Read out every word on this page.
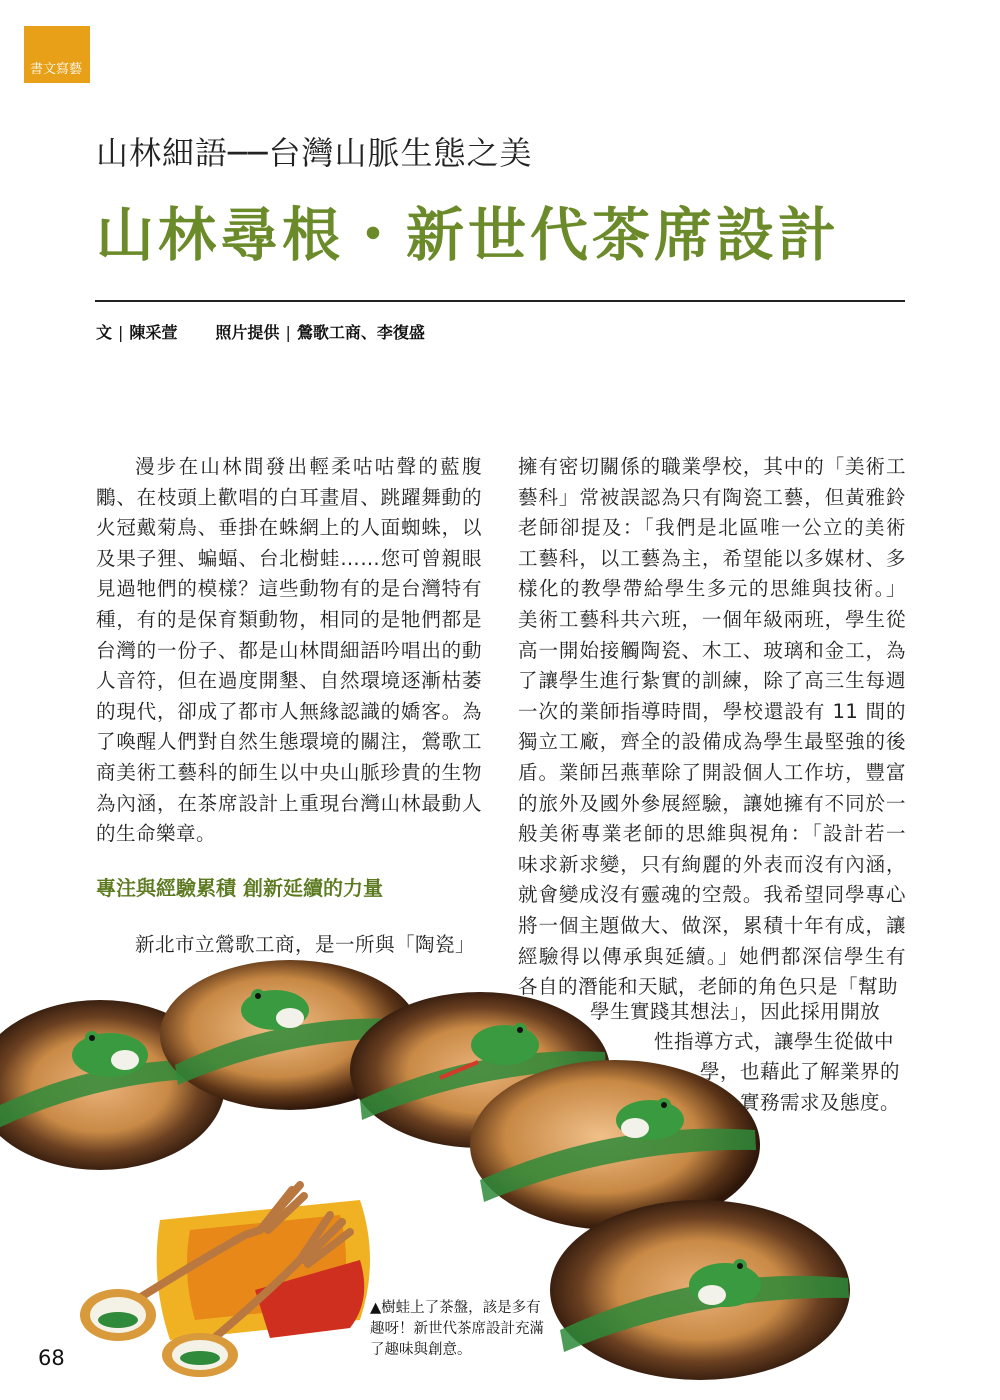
書文寫藝
山林細語──台灣山脈生態之美
山林尋根・新世代茶席設計
文 | 陳采萱 照片提供 | 鶯歌工商、李復盛

漫步在山林間發出輕柔咕咕聲的藍腹鷴、在枝頭上歡唱的白耳畫眉、跳躍舞動的火冠戴菊鳥、垂掛在蛛網上的人面蜘蛛，以及果子狸、蝙蝠、台北樹蛙……您可曾親眼見過牠們的模樣？這些動物有的是台灣特有種，有的是保育類動物，相同的是牠們都是台灣的一份子、都是山林間細語吟唱出的動人音符，但在過度開墾、自然環境逐漸枯萎的現代，卻成了都市人無緣認識的嬌客。為了喚醒人們對自然生態環境的關注，鶯歌工商美術工藝科的師生以中央山脈珍貴的生物為內涵，在茶席設計上重現台灣山林最動人的生命樂章。

專注與經驗累積 創新延續的力量

新北市立鶯歌工商，是一所與「陶瓷」

擁有密切關係的職業學校，其中的「美術工藝科」常被誤認為只有陶瓷工藝，但黃雅鈴老師卻提及：「我們是北區唯一公立的美術工藝科，以工藝為主，希望能以多媒材、多樣化的教學帶給學生多元的思維與技術。」美術工藝科共六班，一個年級兩班，學生從高一開始接觸陶瓷、木工、玻璃和金工，為了讓學生進行紮實的訓練，除了高三生每週一次的業師指導時間，學校還設有 11 間的獨立工廠，齊全的設備成為學生最堅強的後盾。業師呂燕華除了開設個人工作坊，豐富的旅外及國外參展經驗，讓她擁有不同於一般美術專業老師的思維與視角：「設計若一味求新求變，只有絢麗的外表而沒有內涵，就會變成沒有靈魂的空殼。我希望同學專心將一個主題做大、做深，累積十年有成，讓經驗得以傳承與延續。」她們都深信學生有各自的潛能和天賦，老師的角色只是「幫助

學生實踐其想法」，因此採用開放
性指導方式，讓學生從做中
學，也藉此了解業界的
實務需求及態度。
▲樹蛙上了茶盤，該是多有趣呀！新世代茶席設計充滿了趣味與創意。
68
